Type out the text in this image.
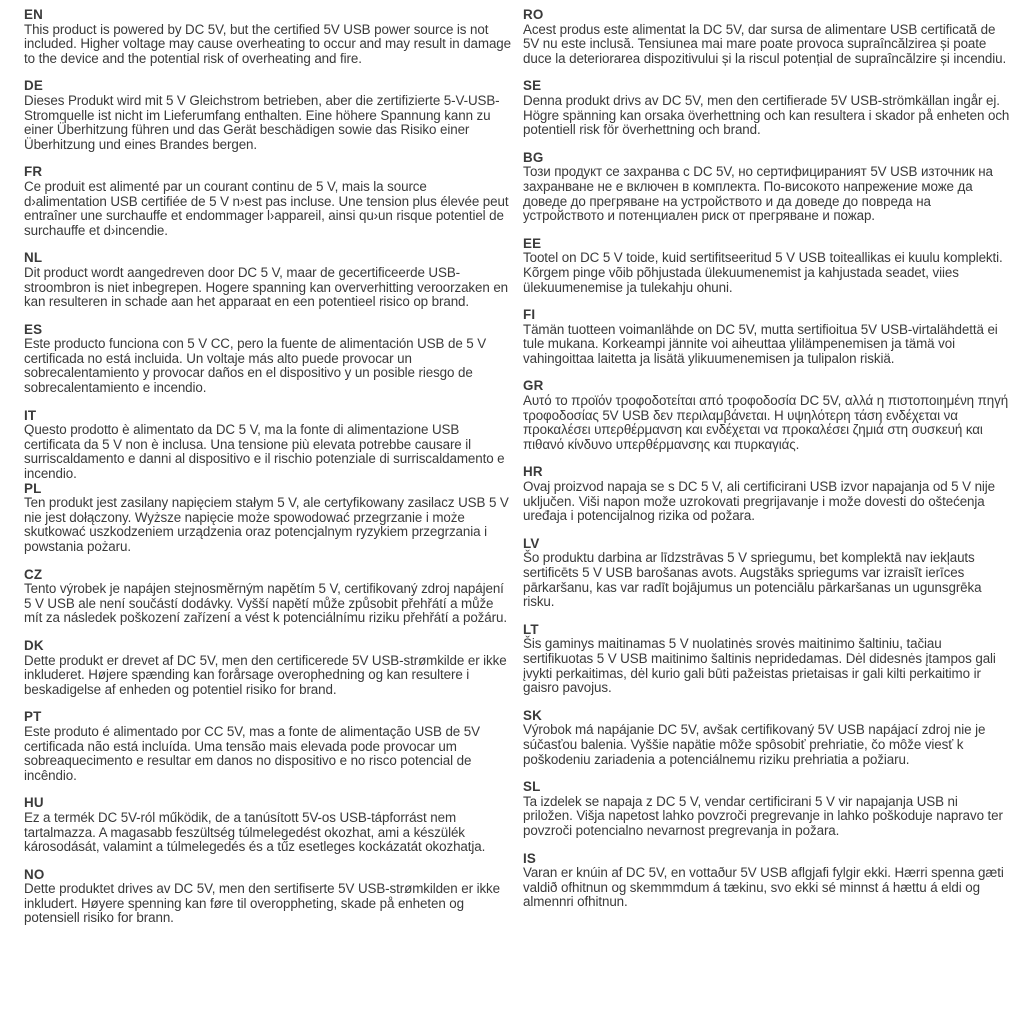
EN

This product is powered by DC 5V, but the certified 5V USB power source is not included. Higher voltage may cause overheating to occur and may result in damage to the device and the potential risk of overheating and fire.

DE

Dieses Produkt wird mit 5 V Gleichstrom betrieben, aber die zertifizierte 5-V-USB-Stromquelle ist nicht im Lieferumfang enthalten. Eine höhere Spannung kann zu einer Überhitzung führen und das Gerät beschädigen sowie das Risiko einer Überhitzung und eines Brandes bergen.

FR

Ce produit est alimenté par un courant continu de 5 V, mais la source d›alimentation USB certifiée de 5 V n›est pas incluse. Une tension plus élevée peut entraîner une surchauffe et endommager l›appareil, ainsi qu›un risque potentiel de surchauffe et d›incendie.

NL

Dit product wordt aangedreven door DC 5 V, maar de gecertificeerde USB-stroombron is niet inbegrepen. Hogere spanning kan oververhitting veroorzaken en kan resulteren in schade aan het apparaat en een potentieel risico op brand.

ES

Este producto funciona con 5 V CC, pero la fuente de alimentación USB de 5 V certificada no está incluida. Un voltaje más alto puede provocar un sobrecalentamiento y provocar daños en el dispositivo y un posible riesgo de sobrecalentamiento e incendio.

IT

Questo prodotto è alimentato da DC 5 V, ma la fonte di alimentazione USB certificata da 5 V non è inclusa. Una tensione più elevata potrebbe causare il surriscaldamento e danni al dispositivo e il rischio potenziale di surriscaldamento e incendio.

PL

Ten produkt jest zasilany napięciem stałym 5 V, ale certyfikowany zasilacz USB 5 V nie jest dołączony. Wyższe napięcie może spowodować przegrzanie i może skutkować uszkodzeniem urządzenia oraz potencjalnym ryzykiem przegrzania i powstania pożaru.

CZ

Tento výrobek je napájen stejnosměrným napětím 5 V, certifikovaný zdroj napájení 5 V USB ale není součástí dodávky. Vyšší napětí může způsobit přehřátí a může mít za následek poškození zařízení a vést k potenciálnímu riziku přehřátí a požáru.

DK

Dette produkt er drevet af DC 5V, men den certificerede 5V USB-strømkilde er ikke inkluderet. Højere spænding kan forårsage overophedning og kan resultere i beskadigelse af enheden og potentiel risiko for brand.

PT

Este produto é alimentado por CC 5V, mas a fonte de alimentação USB de 5V certificada não está incluída. Uma tensão mais elevada pode provocar um sobreaquecimento e resultar em danos no dispositivo e no risco potencial de incêndio.

HU

Ez a termék DC 5V-ról működik, de a tanúsított 5V-os USB-tápforrást nem tartalmazza. A magasabb feszültség túlmelegedést okozhat, ami a készülék károsodását, valamint a túlmelegedés és a tűz esetleges kockázatát okozhatja.

NO

Dette produktet drives av DC 5V, men den sertifiserte 5V USB-strømkilden er ikke inkludert. Høyere spenning kan føre til overoppheting, skade på enheten og potensiell risiko for brann.

RO

Acest produs este alimentat la DC 5V, dar sursa de alimentare USB certificată de 5V nu este inclusă. Tensiunea mai mare poate provoca supraîncălzirea și poate duce la deteriorarea dispozitivului și la riscul potențial de supraîncălzire și incendiu.

SE

Denna produkt drivs av DC 5V, men den certifierade 5V USB-strömkällan ingår ej. Högre spänning kan orsaka överhettning och kan resultera i skador på enheten och potentiell risk för överhettning och brand.

BG

Този продукт се захранва с DC 5V, но сертифицираният 5V USB източник на захранване не е включен в комплекта. По-високото напрежение може да доведе до прегряване на устройството и да доведе до повреда на устройството и потенциален риск от прегряване и пожар.

EE

Tootel on DC 5 V toide, kuid sertifitseeritud 5 V USB toiteallikas ei kuulu komplekti. Kõrgem pinge võib põhjustada ülekuumenemist ja kahjustada seadet, viies ülekuumenemise ja tulekahju ohuni.

FI

Tämän tuotteen voimanlähde on DC 5V, mutta sertifioitua 5V USB-virtalähdettä ei tule mukana. Korkeampi jännite voi aiheuttaa ylilämpenemisen ja tämä voi vahingoittaa laitetta ja lisätä ylikuumenemisen ja tulipalon riskiä.

GR

Αυτό το προϊόν τροφοδοτείται από τροφοδοσία DC 5V, αλλά η πιστοποιημένη πηγή τροφοδοσίας 5V USB δεν περιλαμβάνεται. Η υψηλότερη τάση ενδέχεται να προκαλέσει υπερθέρμανση και ενδέχεται να προκαλέσει ζημιά στη συσκευή και πιθανό κίνδυνο υπερθέρμανσης και πυρκαγιάς.

HR

Ovaj proizvod napaja se s DC 5 V, ali certificirani USB izvor napajanja od 5 V nije uključen. Viši napon može uzrokovati pregrijavanje i može dovesti do oštećenja uređaja i potencijalnog rizika od požara.

LV

Šo produktu darbina ar līdzstrāvas 5 V spriegumu, bet komplektā nav iekļauts sertificēts 5 V USB barošanas avots. Augstāks spriegums var izraisīt ierīces pārkaršanu, kas var radīt bojājumus un potenciālu pārkaršanas un ugunsgrēka risku.

LT

Šis gaminys maitinamas 5 V nuolatinės srovės maitinimo šaltiniu, tačiau sertifikuotas 5 V USB maitinimo šaltinis nepridedamas. Dėl didesnės įtampos gali įvykti perkaitimas, dėl kurio gali būti pažeistas prietaisas ir gali kilti perkaitimo ir gaisro pavojus.

SK

Výrobok má napájanie DC 5V, avšak certifikovaný 5V USB napájací zdroj nie je súčasťou balenia. Vyššie napätie môže spôsobiť prehriatie, čo môže viesť k poškodeniu zariadenia a potenciálnemu riziku prehriatia a požiaru.

SL

Ta izdelek se napaja z DC 5 V, vendar certificirani 5 V vir napajanja USB ni priložen. Višja napetost lahko povzroči pregrevanje in lahko poškoduje napravo ter povzroči potencialno nevarnost pregrevanja in požara.

IS

Varan er knúin af DC 5V, en vottaður 5V USB aflgjafi fylgir ekki. Hærri spenna gæti valdið ofhitnun og skemmmdum á tækinu, svo ekki sé minnst á hættu á eldi og almennri ofhitnun.
